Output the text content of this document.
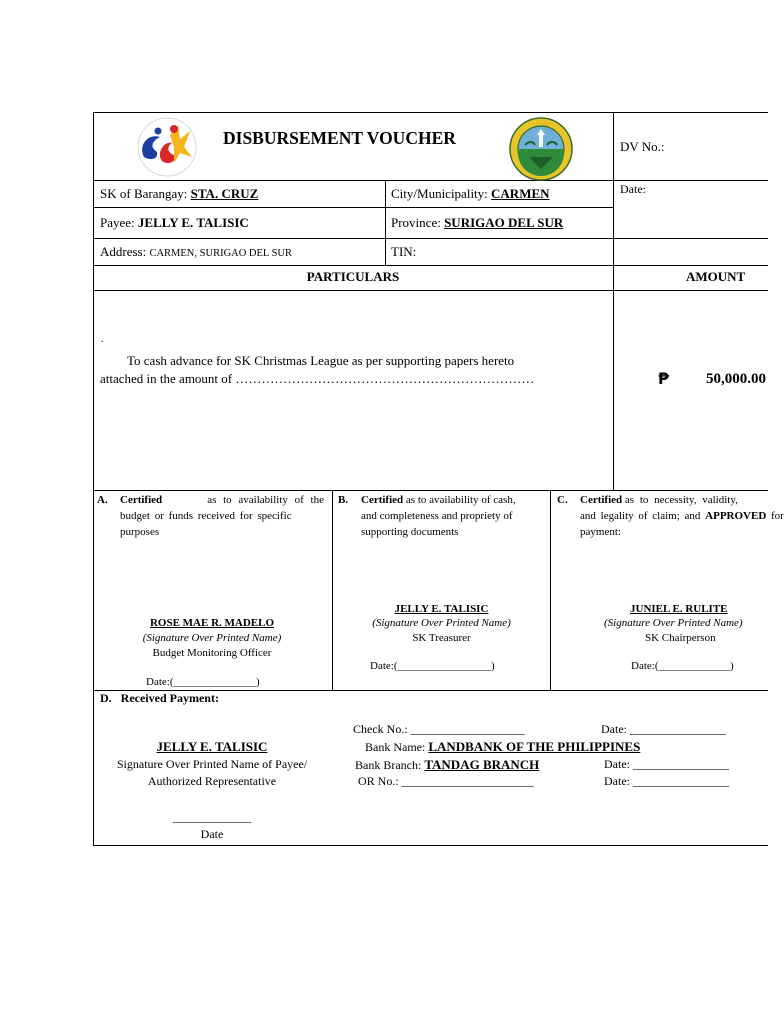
SK
DISBURSEMENT VOUCHER
BARANGAY SANTA CRUZ, CARMEN, SURIGAO DEL SUR
DV No.:
Date:
SK of Barangay: STA. CRUZ	City/Municipality: CARMEN
Payee: JELLY E. TALISIC	Province: SURIGAO DEL SUR
Address: CARMEN, SURIGAO DEL SUR	TIN:
PARTICULARS	AMOUNT
.
To cash advance for SK Christmas League as per supporting papers hereto
attached in the amount of ……………………………………………………………	₱ 50,000.00
A. Certified	as to availability of the
budget or funds received for specific
purposes
ROSE MAE R. MADELO
(Signature Over Printed Name)
Budget Monitoring Officer
Date:(_______________)
B. Certified as to availability of cash,
and completeness and propriety of
supporting documents
JELLY E. TALISIC
(Signature Over Printed Name)
SK Treasurer
Date:(_________________)
C. Certified as to necessity, validity,
and legality of claim; and APPROVED for
payment:
JUNIEL E. RULITE
(Signature Over Printed Name)
SK Chairperson
Date:(_____________)
D.   Received Payment:
JELLY E. TALISIC
Signature Over Printed Name of Payee/
Authorized Representative
Check No.: ___________________	Date: ________________
Bank Name: LANDBANK OF THE PHILIPPINES
Bank Branch: TANDAG BRANCH	Date: ________________
OR No.: ______________________	Date: ________________
_____________
Date
